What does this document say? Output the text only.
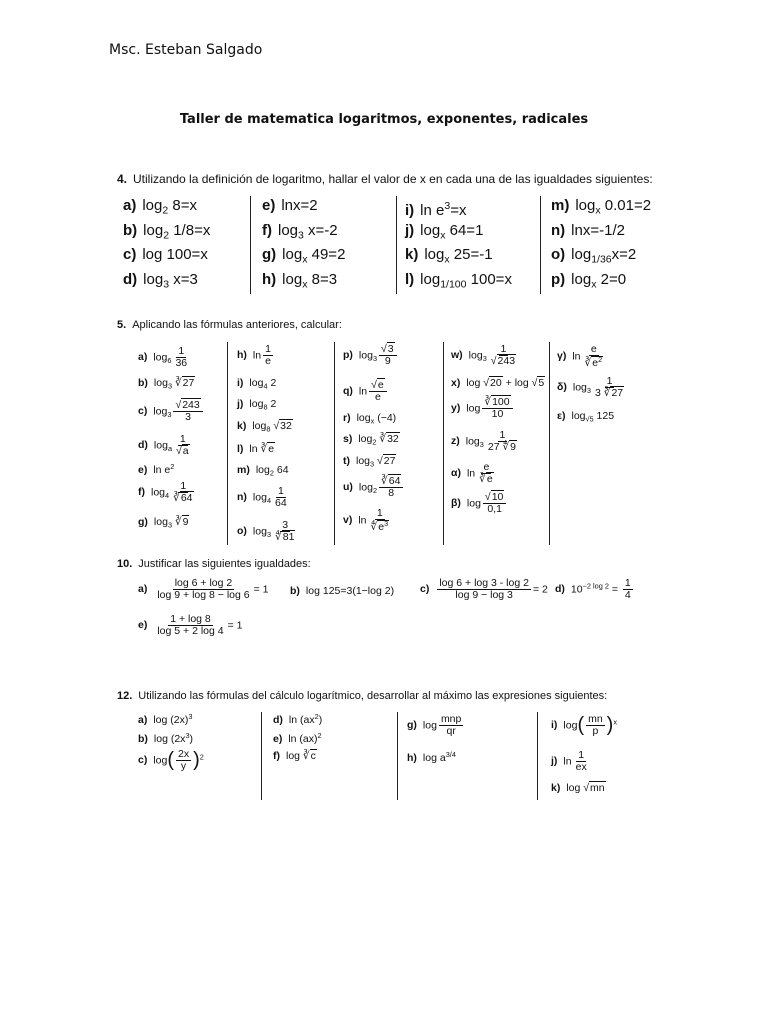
Msc. Esteban Salgado
Taller de matematica logaritmos, exponentes, radicales
4. Utilizando la definición de logaritmo, hallar el valor de x en cada una de las igualdades siguientes:
a) $\log_2 8=x$
b) $\log_2 1/8=x$
c) log 100=x
d) $\log_3 x=3$
e) lnx=2
f) $\log_3 x=-2$
g) $\log_x 49=2$
h) $\log_x 8=3$
i) $\ln e^3=x$
j) $\log_x 64=1$
k) $\log_x 25=-1$
l) $\log_{1/100} 100=x$
m) $\log_x 0.01=2$
n) lnx=-1/2
o) $\log_{1/36}x=2$
p) $\log_x 2=0$
5. Aplicando las fórmulas anteriores, calcular:
a) $\log_6 \frac{1}{36}$
b) $\log_3$ ∛27
c) $\log_3 \frac{√243}{3}$
d) $\log_a \frac{1}{√a}$
e) $\ln e^2$
f) $\log_4 \frac{1}{∛64}$
g) $\log_3$ ∛9
h) $\ln \frac{1}{e}$
i) $\log_4 2$
j) $\log_8 2$
k) $\log_8 √32$
l) ln ∛e
m) $\log_2 64$
n) $\log_4 \frac{1}{64}$
o) $\log_3 \frac{3}{∜81}$
p) $\log_3 \frac{√3}{9}$
q) $\ln \frac{√e}{e}$
r) $\log_x (-4)$
s) $\log_2$ ∛32
t) $\log_3 √27$
u) $\log_2 \frac{∛64}{8}$
v) $\ln \frac{1}{∜e^3}$
w) $\log_3 \frac{1}{√243}$
x) log √20 + log √5
y) $\log \frac{∛100}{10}$
z) $\log_3 \frac{1}{27 ∜9}$
α) $\ln \frac{e}{∛e}$
β) $\log \frac{√10}{0,1}$
γ) $\ln \frac{e}{∛e^2}$
δ) $\log_3 \frac{1}{3 ∛27}$
ε) $\log_{√5} 125$
10. Justificar las siguientes igualdades:
$a) \frac{\log 6 + \log 2}{\log 9 + \log 8 - \log 6} = 1$ b) log 125=3(1−log 2) $c) \frac{\log 6 + \log 3 - \log 2}{\log 9 - \log 3} = 2$ d) $10^{-2 log 2} = \frac{1}{4}$
$e) \frac{1 + \log 8}{\log 5 + 2 \log 4} = 1$
12. Utilizando las fórmulas del cálculo logarítmico, desarrollar al máximo las expresiones siguientes:
a) $\log (2x)^3$
b) $\log (2x^3)$
c) $\log( \frac{2x}{y} )^2$
d) $\ln (ax^2)$
e) ln (ax)$^2$
f) log ∛c
g) $\log \frac{\text{mnp}}{qr}$
h) $\log a^{3/4}$
i) $\log( \frac{mn}{p} )^x$
j) $\ln \frac{1}{ex}$
k) log √mn
